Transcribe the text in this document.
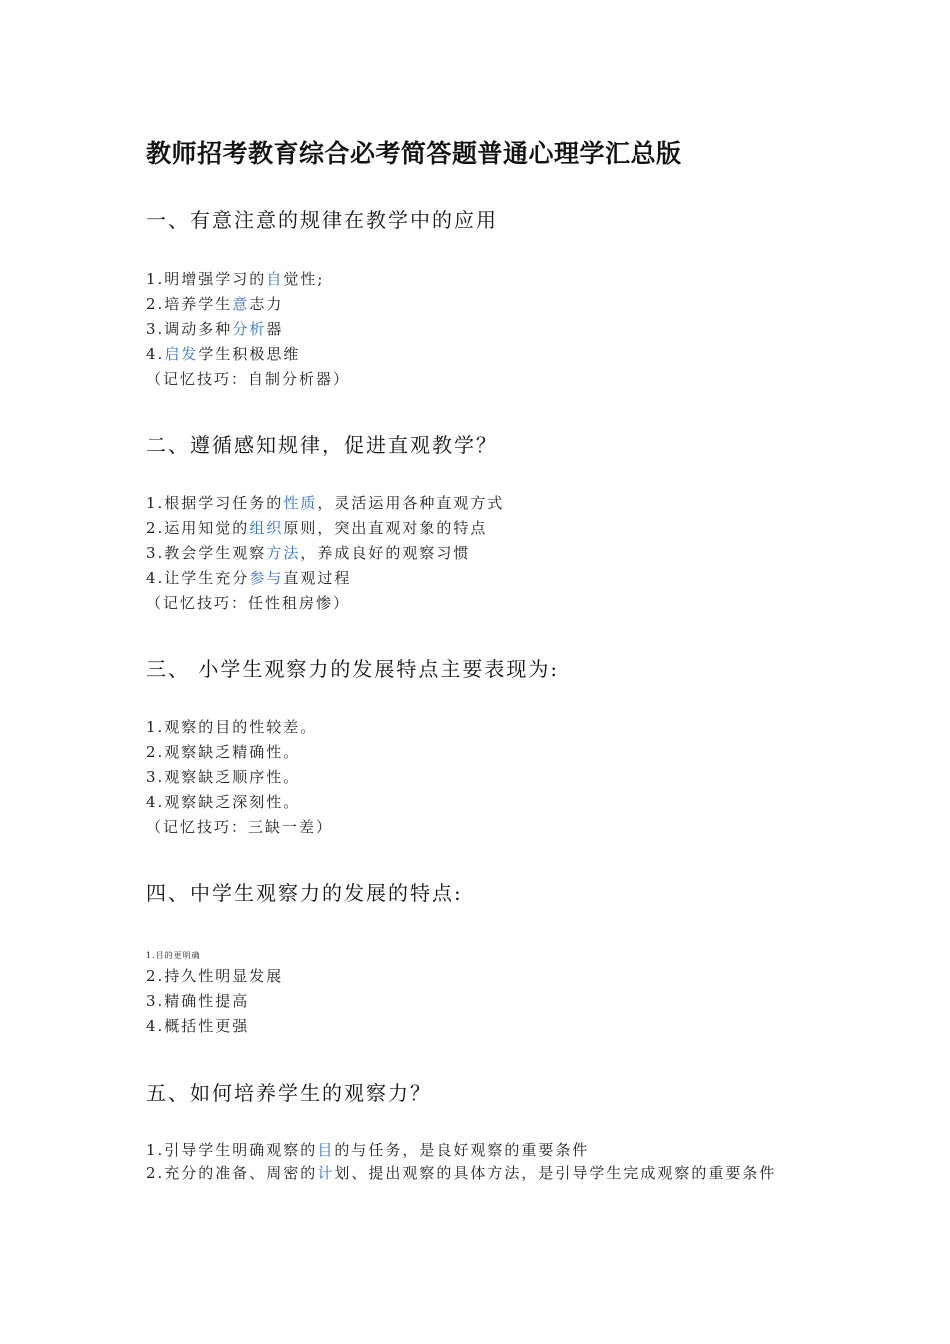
教师招考教育综合必考简答题普通心理学汇总版
一、有意注意的规律在教学中的应用
1.明增强学习的自觉性;
2.培养学生意志力
3.调动多种分析器
4.启发学生积极思维
（记忆技巧：自制分析器）
二、遵循感知规律，促进直观教学？
1.根据学习任务的性质，灵活运用各种直观方式
2.运用知觉的组织原则，突出直观对象的特点
3.教会学生观察方法，养成良好的观察习惯
4.让学生充分参与直观过程
（记忆技巧：任性租房惨）
三、 小学生观察力的发展特点主要表现为:
1.观察的目的性较差。
2.观察缺乏精确性。
3.观察缺乏顺序性。
4.观察缺乏深刻性。
（记忆技巧：三缺一差）
四、中学生观察力的发展的特点:
1.目的更明确
2.持久性明显发展
3.精确性提高
4.概括性更强
五、如何培养学生的观察力？
1.引导学生明确观察的目的与任务，是良好观察的重要条件
2.充分的准备、周密的计划、提出观察的具体方法，是引导学生完成观察的重要条件
